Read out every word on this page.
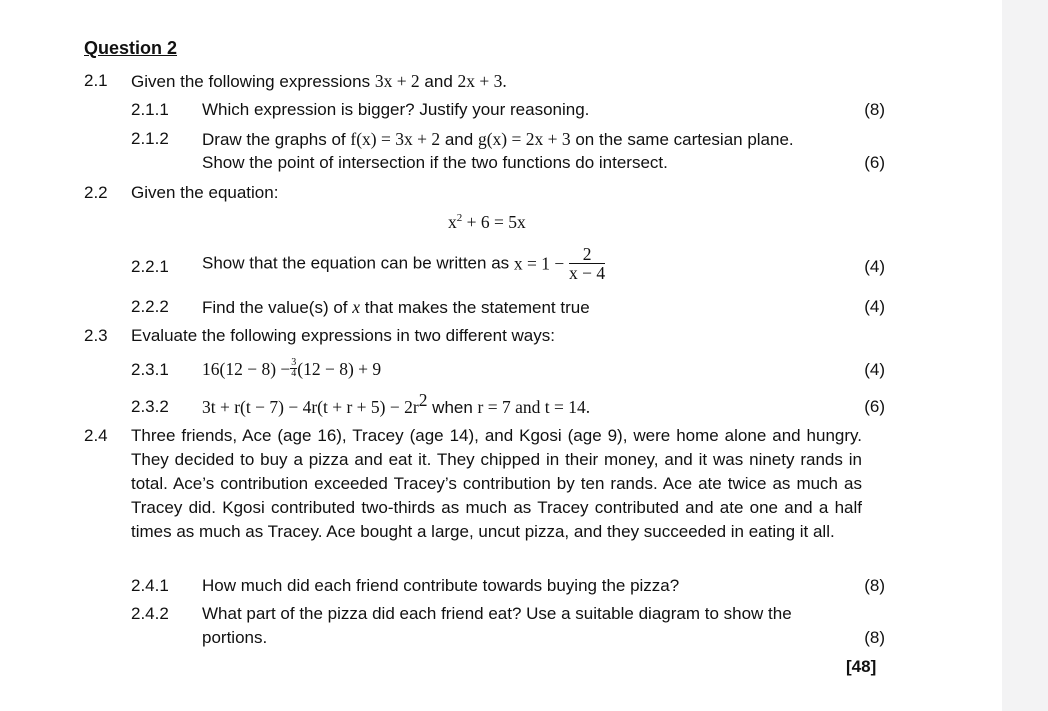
Question 2
2.1 Given the following expressions 3x + 2 and 2x + 3.
2.1.1 Which expression is bigger? Justify your reasoning.	(8)
2.1.2 Draw the graphs of f(x) = 3x + 2 and g(x) = 2x + 3 on the same cartesian plane.
Show the point of intersection if the two functions do intersect.	(6)
2.2 Given the equation:
$x^2 + 6 = 5x$
2.2.1 Show that the equation can be written as $x = 1 - \frac{2}{x - 4}$	(4)
2.2.2 Find the value(s) of x that makes the statement true	(4)
2.3 Evaluate the following expressions in two different ways:
2.3.1 $16(12 - 8) - \frac{3}{4} (12 - 8) + 9$	(4)
2.3.2 $3t + r(t - 7) - 4r(t + r + 5) - 2r^2$ when r = 7 and t = 14.	(6)
2.4 Three friends, Ace (age 16), Tracey (age 14), and Kgosi (age 9), were home alone and hungry. They decided to buy a pizza and eat it. They chipped in their money, and it was ninety rands in total. Ace’s contribution exceeded Tracey’s contribution by ten rands. Ace ate twice as much as Tracey did. Kgosi contributed two-thirds as much as Tracey contributed and ate one and a half times as much as Tracey. Ace bought a large, uncut pizza, and they succeeded in eating it all.
2.4.1 How much did each friend contribute towards buying the pizza?	(8)
2.4.2 What part of the pizza did each friend eat? Use a suitable diagram to show the
portions.	(8)
[48]
